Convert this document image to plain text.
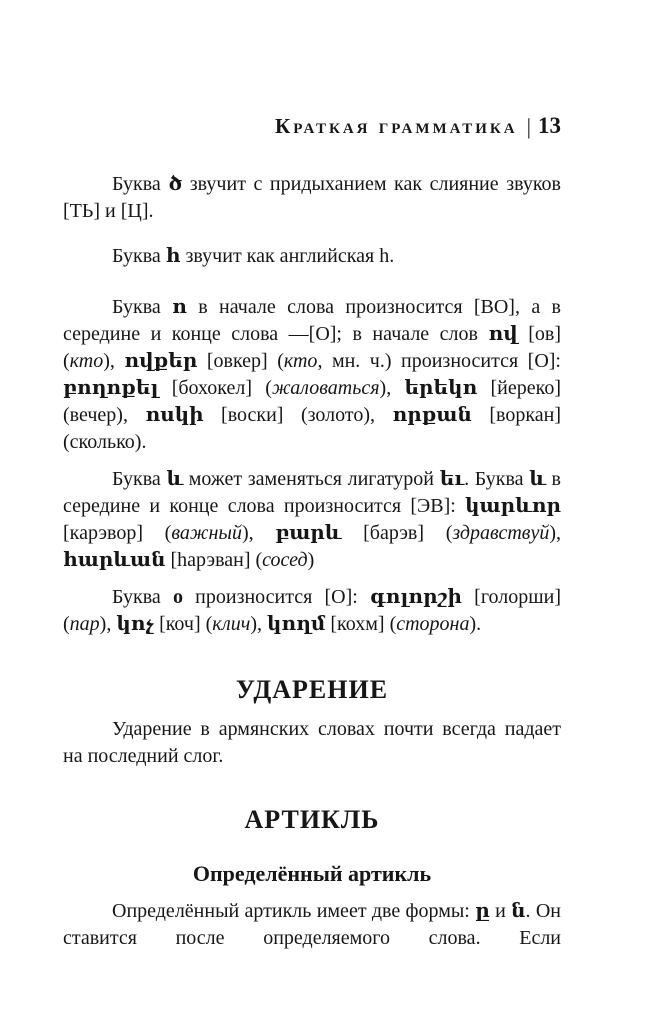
Краткая грамматика | 13

Буква ծ звучит с придыханием как слияние звуков [ТЬ] и [Ц].

Буква հ звучит как английская h.

Буква ո в начале слова произносится [ВО], а в середине и конце слова —[О]; в начале слов ով [ов] (кто), ովքեր [овкер] (кто, мн. ч.) произносится [О]: բողոքել [бохокел] (жаловаться), երեկո [йереко] (вечер), ոսկի [воски] (золото), որքան [воркан] (сколько).

Буква և может заменяться лигатурой եւ. Буква և в середине и конце слова произносится [ЭВ]: կարևոր [карэвор] (важный), բարև [барэв] (здравствуй), հարևան [hарэван] (сосед)

Буква о произносится [О]: գոլորշի [голорши] (пар), կոչ [коч] (клич), կողմ [кохм] (сторона).

УДАРЕНИЕ

Ударение в армянских словах почти всегда падает на последний слог.

АРТИКЛЬ
Определённый артикль

Определённый артикль имеет две формы: ը и ն. Он ставится после определяемого слова. Если
